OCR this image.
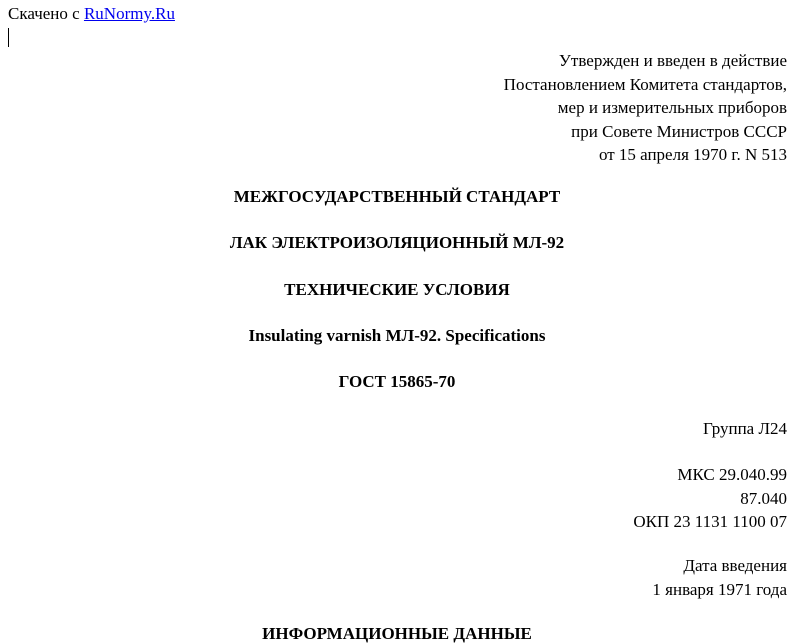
Скачено с RuNormy.Ru
Утвержден и введен в действие
Постановлением Комитета стандартов,
мер и измерительных приборов
при Совете Министров СССР
от 15 апреля 1970 г. N 513
МЕЖГОСУДАРСТВЕННЫЙ СТАНДАРТ
ЛАК ЭЛЕКТРОИЗОЛЯЦИОННЫЙ МЛ-92
ТЕХНИЧЕСКИЕ УСЛОВИЯ
Insulating varnish МЛ-92. Specifications
ГОСТ 15865-70
Группа Л24
МКС 29.040.99
87.040
ОКП 23 1131 1100 07
Дата введения
1 января 1971 года
ИНФОРМАЦИОННЫЕ ДАННЫЕ
